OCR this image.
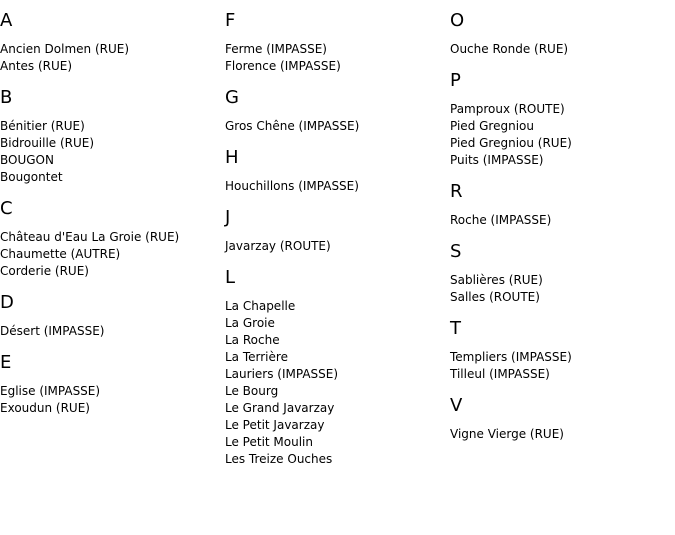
A
Ancien Dolmen (RUE)
Antes (RUE)
B
Bénitier (RUE)
Bidrouille (RUE)
BOUGON
Bougontet
C
Château d'Eau La Groie (RUE)
Chaumette (AUTRE)
Corderie (RUE)
D
Désert (IMPASSE)
E
Eglise (IMPASSE)
Exoudun (RUE)
F
Ferme (IMPASSE)
Florence (IMPASSE)
G
Gros Chêne (IMPASSE)
H
Houchillons (IMPASSE)
J
Javarzay (ROUTE)
L
La Chapelle
La Groie
La Roche
La Terrière
Lauriers (IMPASSE)
Le Bourg
Le Grand Javarzay
Le Petit Javarzay
Le Petit Moulin
Les Treize Ouches
O
Ouche Ronde (RUE)
P
Pamproux (ROUTE)
Pied Gregniou
Pied Gregniou (RUE)
Puits (IMPASSE)
R
Roche (IMPASSE)
S
Sablières (RUE)
Salles (ROUTE)
T
Templiers (IMPASSE)
Tilleul (IMPASSE)
V
Vigne Vierge (RUE)
